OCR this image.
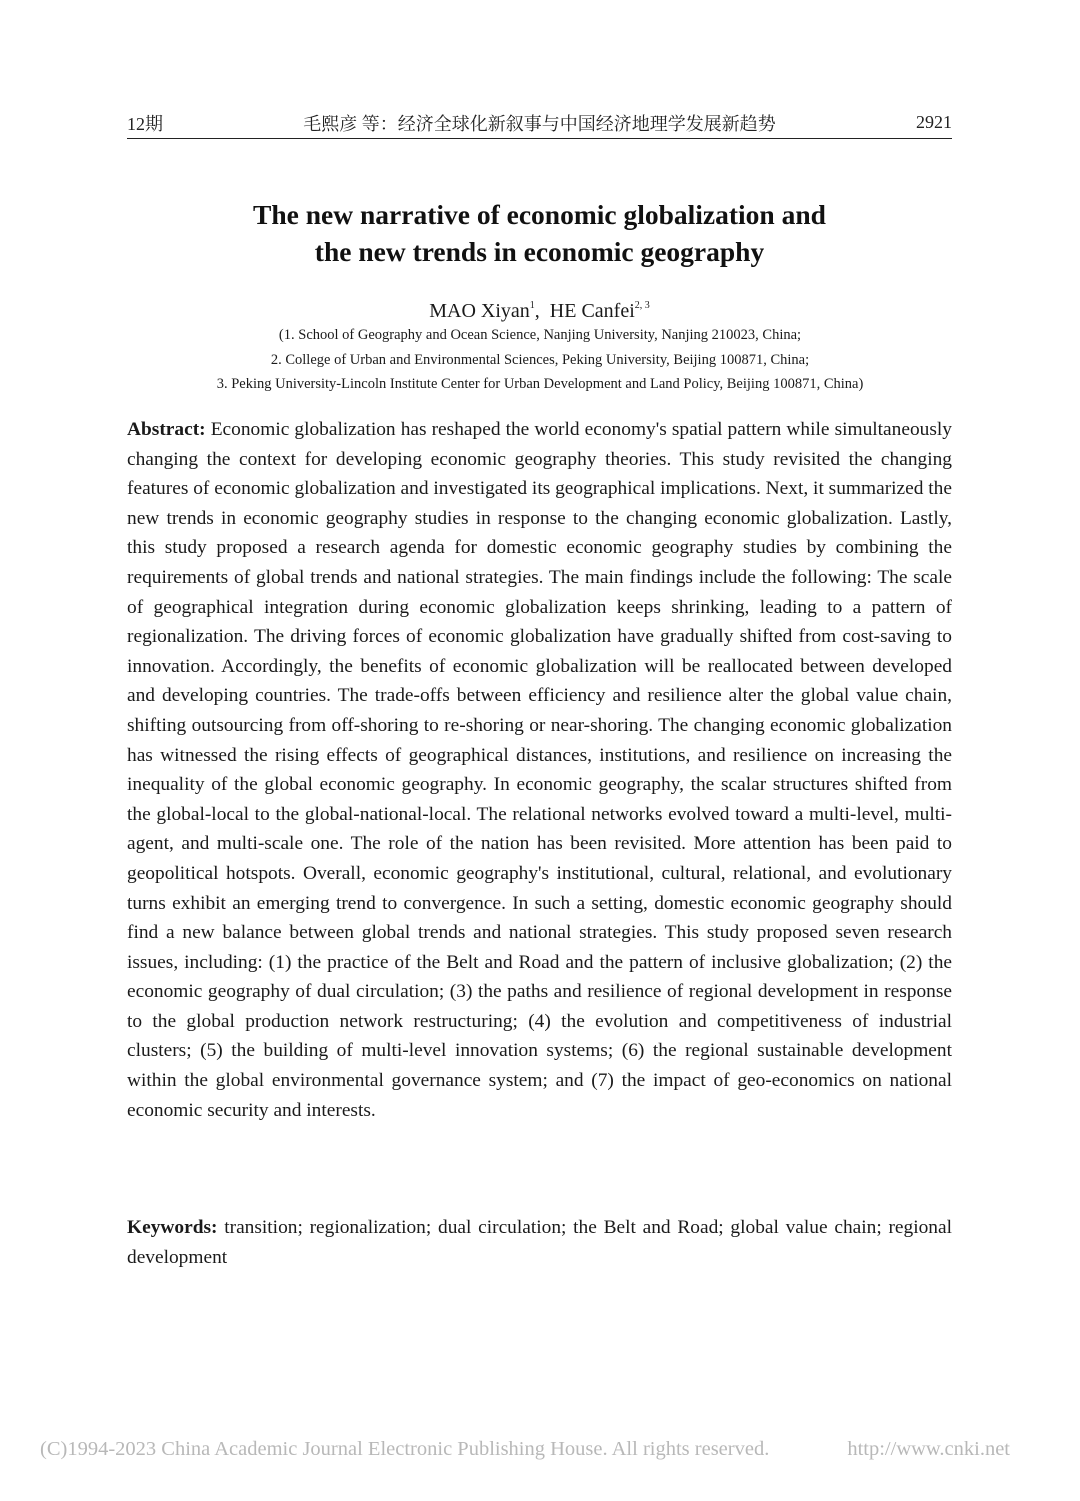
12期	毛熙彦 等：经济全球化新叙事与中国经济地理学发展新趋势	2921
The new narrative of economic globalization and
the new trends in economic geography
MAO Xiyan$^1$, HE Canfei$^{2, 3}$
(1. School of Geography and Ocean Science, Nanjing University, Nanjing 210023, China;
2. College of Urban and Environmental Sciences, Peking University, Beijing 100871, China;
3. Peking University-Lincoln Institute Center for Urban Development and Land Policy, Beijing 100871, China)
Abstract: Economic globalization has reshaped the world economy's spatial pattern while simultaneously changing the context for developing economic geography theories. This study revisited the changing features of economic globalization and investigated its geographical implications. Next, it summarized the new trends in economic geography studies in response to the changing economic globalization. Lastly, this study proposed a research agenda for domestic economic geography studies by combining the requirements of global trends and national strategies. The main findings include the following: The scale of geographical integration during economic globalization keeps shrinking, leading to a pattern of regionalization. The driving forces of economic globalization have gradually shifted from cost-saving to innovation. Accordingly, the benefits of economic globalization will be reallocated between developed and developing countries. The trade-offs between efficiency and resilience alter the global value chain, shifting outsourcing from off-shoring to re-shoring or near-shoring. The changing economic globalization has witnessed the rising effects of geographical distances, institutions, and resilience on increasing the inequality of the global economic geography. In economic geography, the scalar structures shifted from the global-local to the global-national-local. The relational networks evolved toward a multi-level, multi-agent, and multi-scale one. The role of the nation has been revisited. More attention has been paid to geopolitical hotspots. Overall, economic geography's institutional, cultural, relational, and evolutionary turns exhibit an emerging trend to convergence. In such a setting, domestic economic geography should find a new balance between global trends and national strategies. This study proposed seven research issues, including: (1) the practice of the Belt and Road and the pattern of inclusive globalization; (2) the economic geography of dual circulation; (3) the paths and resilience of regional development in response to the global production network restructuring; (4) the evolution and competitiveness of industrial clusters; (5) the building of multi-level innovation systems; (6) the regional sustainable development within the global environmental governance system; and (7) the impact of geo-economics on national economic security and interests.
Keywords: transition; regionalization; dual circulation; the Belt and Road; global value chain; regional development
(C)1994-2023 China Academic Journal Electronic Publishing House. All rights reserved.	http://www.cnki.net
